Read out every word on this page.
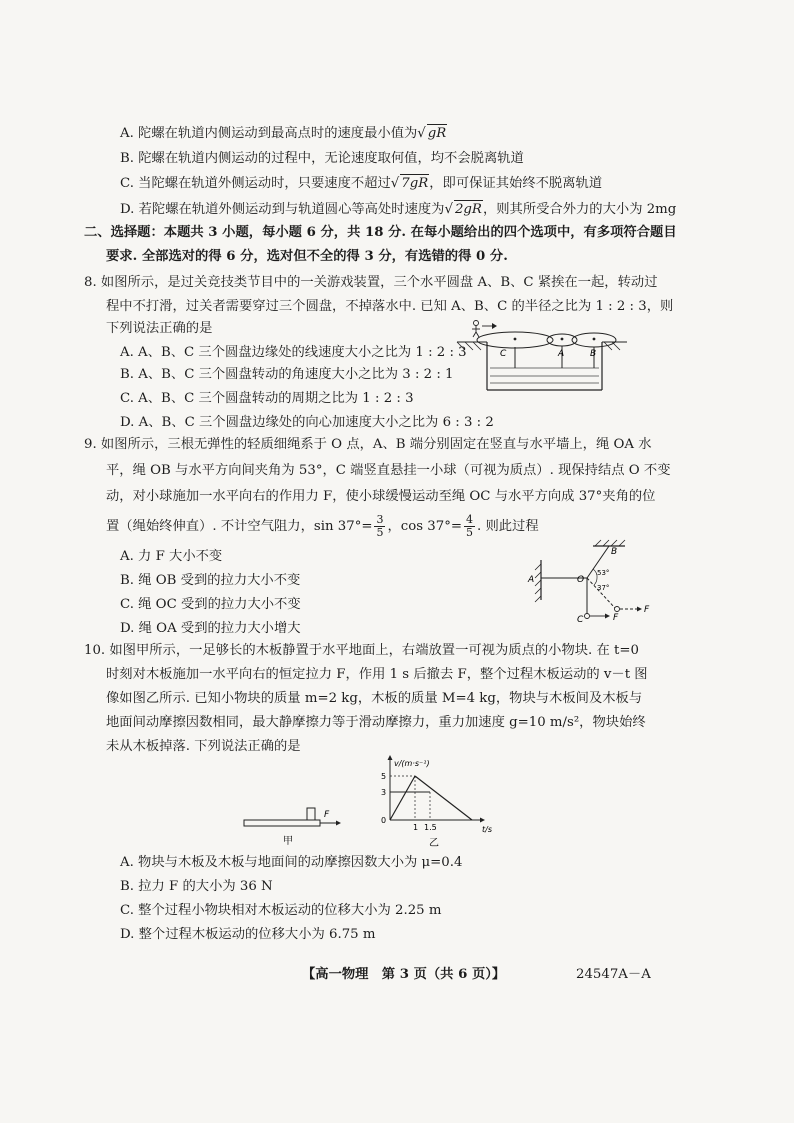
A. 陀螺在轨道内侧运动到最高点时的速度最小值为√ gR
B. 陀螺在轨道内侧运动的过程中，无论速度取何值，均不会脱离轨道
C. 当陀螺在轨道外侧运动时，只要速度不超过√ 7gR，即可保证其始终不脱离轨道
D. 若陀螺在轨道外侧运动到与轨道圆心等高处时速度为√ 2gR，则其所受合外力的大小为 2mg
二、选择题：本题共 3 小题，每小题 6 分，共 18 分. 在每小题给出的四个选项中，有多项符合题目
要求. 全部选对的得 6 分，选对但不全的得 3 分，有选错的得 0 分.
8. 如图所示，是过关竞技类节目中的一关游戏装置，三个水平圆盘 A、B、C 紧挨在一起，转动过
程中不打滑，过关者需要穿过三个圆盘，不掉落水中. 已知 A、B、C 的半径之比为 1 : 2 : 3，则
下列说法正确的是
A. A、B、C 三个圆盘边缘处的线速度大小之比为 1 : 2 : 3
B. A、B、C 三个圆盘转动的角速度大小之比为 3 : 2 : 1
C. A、B、C 三个圆盘转动的周期之比为 1 : 2 : 3
D. A、B、C 三个圆盘边缘处的向心加速度大小之比为 6 : 3 : 2
C	A	B
9. 如图所示，三根无弹性的轻质细绳系于 O 点，A、B 端分别固定在竖直与水平墙上，绳 OA 水
平，绳 OB 与水平方向间夹角为 53°，C 端竖直悬挂一小球（可视为质点）. 现保持结点 O 不变
动，对小球施加一水平向右的作用力 F，使小球缓慢运动至绳 OC 与水平方向成 37°夹角的位
置（绳始终伸直）. 不计空气阻力，$\sin 37^\circ= \frac{3}{5}$ ，$\cos 37^\circ= \frac{4}{5}$ . 则此过程
A. 力 F 大小不变
B. 绳 OB 受到的拉力大小不变
C. 绳 OC 受到的拉力大小不变
D. 绳 OA 受到的拉力大小增大
A	O
B
C	F
F
53°
37°
10. 如图甲所示，一足够长的木板静置于水平地面上，右端放置一可视为质点的小物块. 在 t=0
时刻对木板施加一水平向右的恒定拉力 F，作用 1 s 后撤去 F，整个过程木板运动的 v－t 图
像如图乙所示. 已知小物块的质量 m=2 kg，木板的质量 M=4 kg，物块与木板间及木板与
地面间动摩擦因数相同，最大静摩擦力等于滑动摩擦力，重力加速度 g=10 m/s²，物块始终
未从木板掉落. 下列说法正确的是
F
甲
v/(m·s⁻¹)
t/s
5
3
0
1 1.5
乙
A. 物块与木板及木板与地面间的动摩擦因数大小为 μ=0.4
B. 拉力 F 的大小为 36 N
C. 整个过程小物块相对木板运动的位移大小为 2.25 m
D. 整个过程木板运动的位移大小为 6.75 m
【高一物理　第 3 页（共 6 页）】	24547A－A
